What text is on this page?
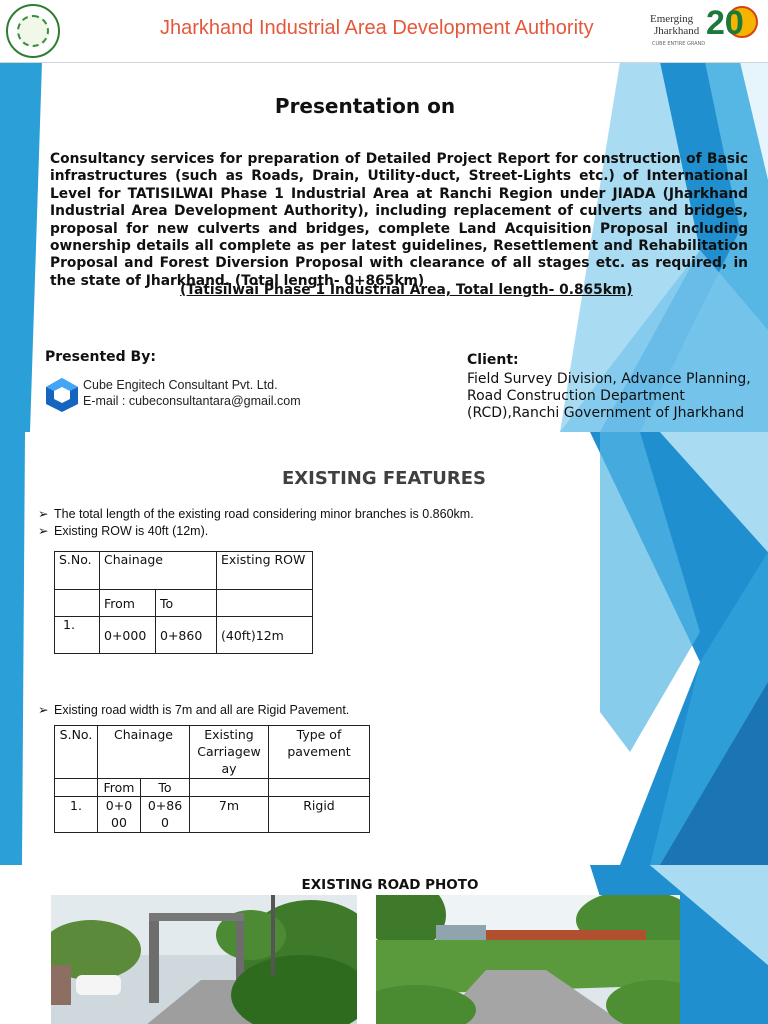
Jharkhand Industrial Area Development Authority	Emerging
Jharkhand
CUBE ENTIRE GRAND
20
Presentation on
Consultancy services for preparation of Detailed Project Report for construction of Basic infrastructures (such as Roads, Drain, Utility-duct, Street-Lights etc.) of International Level for TATISILWAI Phase 1 Industrial Area at Ranchi Region under JIADA (Jharkhand Industrial Area Development Authority), including replacement of culverts and bridges, proposal for new culverts and bridges, complete Land Acquisition Proposal including ownership details all complete as per latest guidelines, Resettlement and Rehabilitation Proposal and Forest Diversion Proposal with clearance of all stages etc. as required, in the state of Jharkhand. (Total length- 0+865km)
(Tatisilwai Phase 1 Industrial Area, Total length- 0.865km)
Presented By:
Cube Engitech Consultant Pvt. Ltd.
E-mail : cubeconsultantara@gmail.com
Client:
Field Survey Division, Advance Planning,
Road Construction Department
(RCD),Ranchi Government of Jharkhand
EXISTING FEATURES
➢ The total length of the existing road considering minor branches is 0.860km.
➢ Existing ROW is 40ft (12m).
S.No.	Chainage		Existing ROW
	From	To	
1.	0+000	0+860	(40ft)12m
➢ Existing road width is 7m and all are Rigid Pavement.
S.No.	Chainage		Existing Carriagew ay	Type of pavement
	From	To		
1.	0+0 00	0+86 0	7m	Rigid
EXISTING ROAD PHOTO
